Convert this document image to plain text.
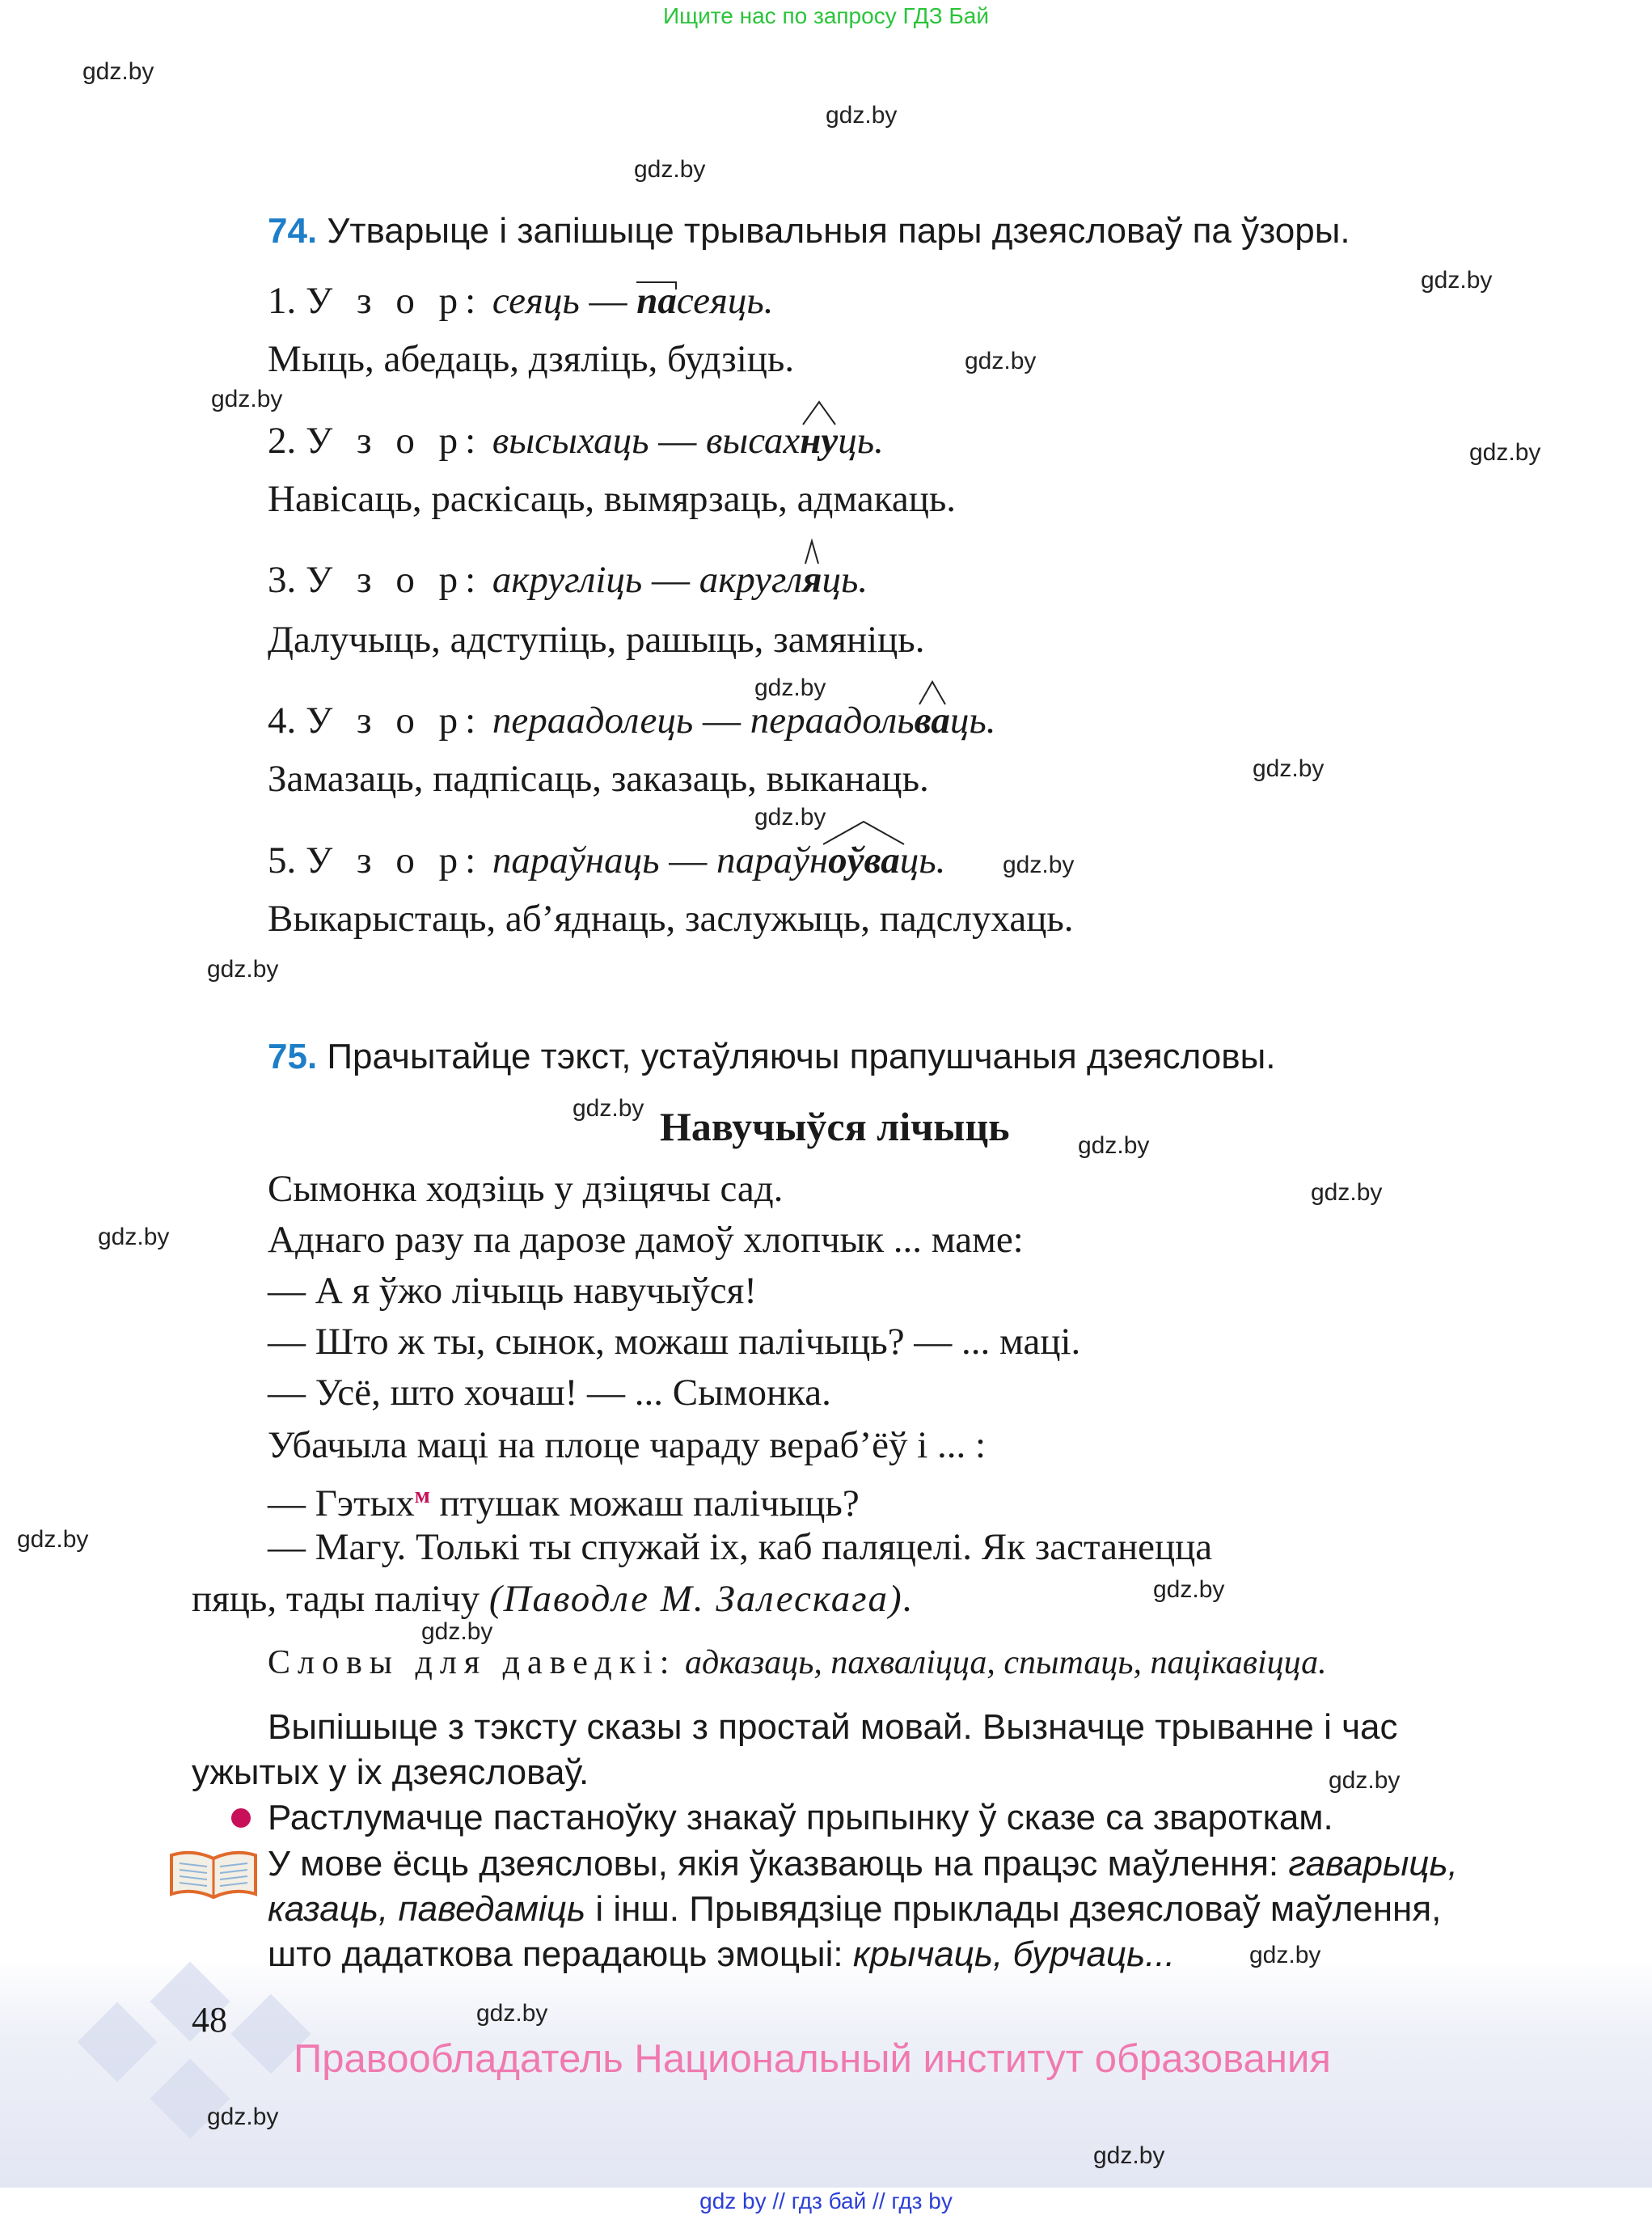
Ищите нас по запросу ГДЗ Бай
gdz.by
gdz.by
gdz.by
gdz.by
gdz.by
gdz.by
gdz.by
gdz.by
gdz.by
gdz.by
gdz.by
gdz.by
gdz.by
gdz.by
gdz.by
gdz.by
gdz.by
gdz.by
gdz.by
gdz.by
gdz.by
gdz.by
gdz.by
gdz.by
74. Утварыце і запішыце трывальныя пары дзеясловаў па ўзоры.
1. У з о р: сеяць — пасеяць.
Мыць, абедаць, дзяліць, будзіць.
2. У з о р: высыхаць — высах
нуць.
Навісаць, раскісаць, вымярзаць, адмакаць.
3. У з о р: акругліць — акругл
яць.
Далучыць, адступіць, рашыць, замяніць.
4. У з о р: пераадолець — пераадоль
ваць.
Замазаць, падпісаць, заказаць, выканаць.
5. У з о р: параўнаць — параўн
оўваць.
Выкарыстаць, аб’яднаць, заслужыць, падслухаць.
75. Прачытайце тэкст, устаўляючы прапушчаныя дзеясловы.
Навучыўся лічыць
Сымонка ходзіць у дзіцячы сад.
Аднаго разу па дарозе дамоў хлопчык ... маме:
— А я ўжо лічыць навучыўся!
— Што ж ты, сынок, можаш палічыць? — ... маці.
— Усё, што хочаш! — ... Сымонка.
Убачыла маці на плоце чараду вераб’ёў і ... :
— Гэтых$^м$ птушак можаш палічыць?
— Магу. Толькі ты спужай іх, каб паляцелі. Як застанецца
пяць, тады палічу (Паводле М. Залескага).
Словы для даведкі: адказаць, пахваліцца, спытаць, пацікавіцца.
Выпішыце з тэксту сказы з простай мовай. Вызначце трыванне і час
ужытых у іх дзеясловаў.
Растлумачце пастаноўку знакаў прыпынку ў сказе са звароткам.
У мове ёсць дзеясловы, якія ўказваюць на працэс маўлення: гаварыць,
казаць, паведаміць і інш. Прывядзіце прыклады дзеясловаў маўлення,
што дадаткова перадаюць эмоцыі: крычаць, бурчаць...
48
Правообладатель Национальный институт образования
gdz by // гдз бай // гдз by
